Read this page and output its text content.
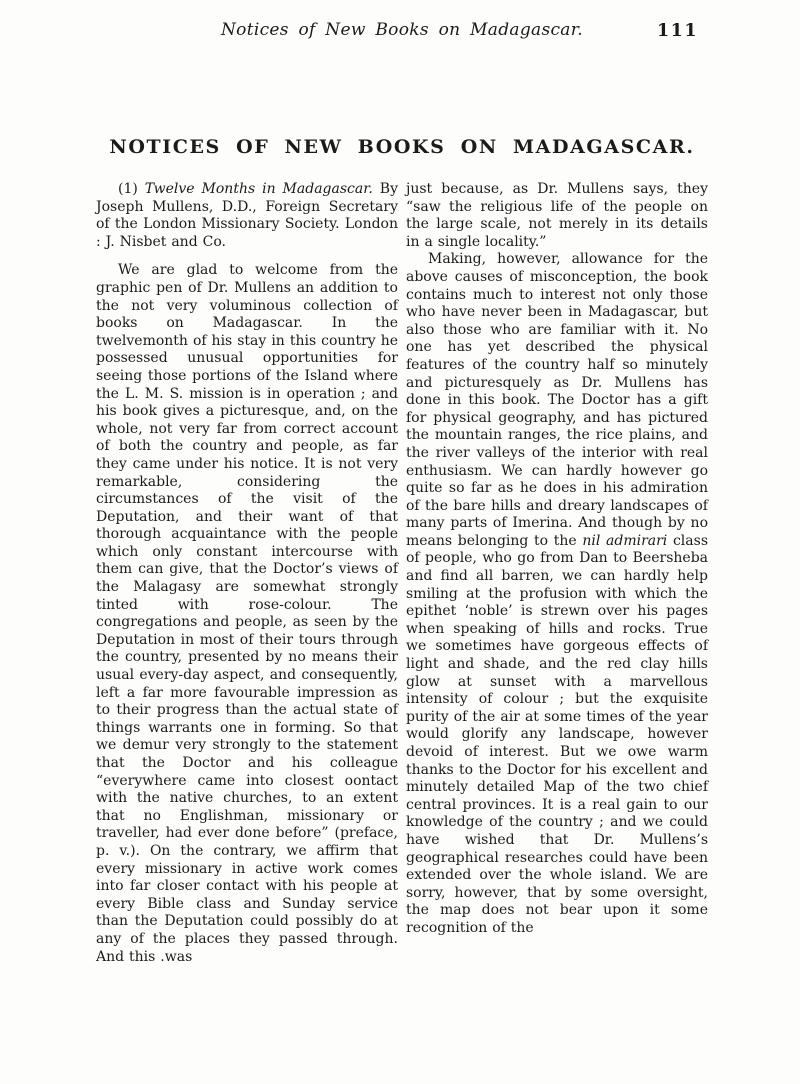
Notices of New Books on Madagascar.	111
NOTICES OF NEW BOOKS ON MADAGASCAR.

(1) Twelve Months in Madagascar. By Joseph Mullens, D.D., Foreign Secretary of the London Missionary Society. London : J. Nisbet and Co.

We are glad to welcome from the graphic pen of Dr. Mullens an addition to the not very voluminous collection of books on Madagascar. In the twelvemonth of his stay in this country he possessed unusual opportunities for seeing those portions of the Island where the L. M. S. mission is in operation ; and his book gives a picturesque, and, on the whole, not very far from correct account of both the country and people, as far they came under his notice. It is not very remarkable, considering the circumstances of the visit of the Deputation, and their want of that thorough acquaintance with the people which only constant intercourse with them can give, that the Doctor’s views of the Malagasy are somewhat strongly tinted with rose-colour. The congregations and people, as seen by the Deputation in most of their tours through the country, presented by no means their usual every-day aspect, and consequently, left a far more favourable impression as to their progress than the actual state of things warrants one in forming. So that we demur very strongly to the statement that the Doctor and his colleague “everywhere came into closest oontact with the native churches, to an extent that no Englishman, missionary or traveller, had ever done before” (preface, p. v.). On the contrary, we affirm that every missionary in active work comes into far closer contact with his people at every Bible class and Sunday service than the Deputation could possibly do at any of the places they passed through. And this .was

just because, as Dr. Mullens says, they “saw the religious life of the people on the large scale, not merely in its details in a single locality.”

Making, however, allowance for the above causes of misconception, the book contains much to interest not only those who have never been in Madagascar, but also those who are familiar with it. No one has yet described the physical features of the country half so minutely and picturesquely as Dr. Mullens has done in this book. The Doctor has a gift for physical geography, and has pictured the mountain ranges, the rice plains, and the river valleys of the interior with real enthusiasm. We can hardly however go quite so far as he does in his admiration of the bare hills and dreary landscapes of many parts of Imerina. And though by no means belonging to the nil admirari class of people, who go from Dan to Beersheba and find all barren, we can hardly help smiling at the profusion with which the epithet ‘noble’ is strewn over his pages when speaking of hills and rocks. True we sometimes have gorgeous effects of light and shade, and the red clay hills glow at sunset with a marvellous intensity of colour ; but the exquisite purity of the air at some times of the year would glorify any landscape, however devoid of interest. But we owe warm thanks to the Doctor for his excellent and minutely detailed Map of the two chief central provinces. It is a real gain to our knowledge of the country ; and we could have wished that Dr. Mullens’s geographical researches could have been extended over the whole island. We are sorry, however, that by some oversight, the map does not bear upon it some recognition of the
